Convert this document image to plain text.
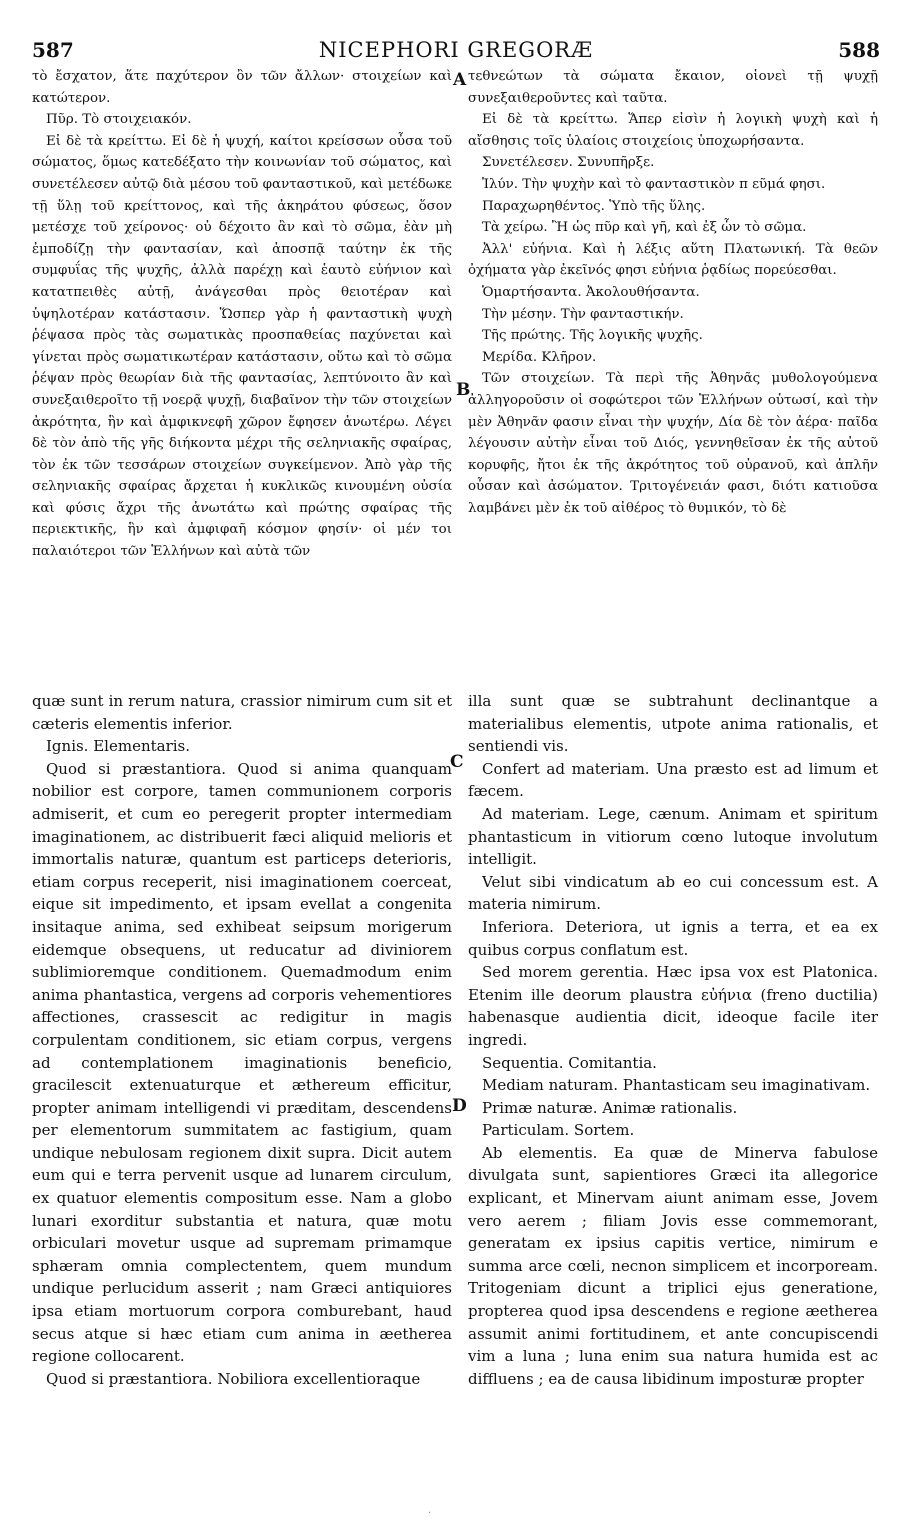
587	NICEPHORI GREGORÆ	588
A
B
C
D

τὸ ἔσχατον, ἅτε παχύτερον ὂν τῶν ἄλλων· στοιχείων καὶ κατώτερον.

Πῦρ. Τὸ στοιχειακόν.

Εἰ δὲ τὰ κρείττω. Εἰ δὲ ἡ ψυχή, καίτοι κρείσσων οὖσα τοῦ σώματος, ὅμως κατεδέξατο τὴν κοινωνίαν τοῦ σώματος, καὶ συνετέλεσεν αὐτῷ διὰ μέσου τοῦ φανταστικοῦ, καὶ μετέδωκε τῇ ὕλῃ τοῦ κρείττονος, καὶ τῆς ἀκηράτου φύσεως, ὅσον μετέσχε τοῦ χείρονος· οὐ δέχοιτο ἂν καὶ τὸ σῶμα, ἐὰν μὴ ἐμποδίζῃ τὴν φαντασίαν, καὶ ἀποσπᾷ ταύτην ἐκ τῆς συμφυΐας τῆς ψυχῆς, ἀλλὰ παρέχῃ καὶ ἑαυτὸ εὐήνιον καὶ κατατπειθὲς αὐτῇ, ἀνάγεσθαι πρὸς θειοτέραν καὶ ὑψηλοτέραν κατάστασιν. Ὥσπερ γὰρ ἡ φανταστικὴ ψυχὴ ῥέψασα πρὸς τὰς σωματικὰς προσπαθείας παχύνεται καὶ γίνεται πρὸς σωματικωτέραν κατάστασιν, οὕτω καὶ τὸ σῶμα ῥέψαν πρὸς θεωρίαν διὰ τῆς φαντασίας, λεπτύνοιτο ἂν καὶ συνεξαιθεροῖτο τῇ νοερᾷ ψυχῇ, διαβαῖνον τὴν τῶν στοιχείων ἀκρότητα, ἣν καὶ ἀμφικνεφῆ χῶρον ἔφησεν ἀνωτέρω. Λέγει δὲ τὸν ἀπὸ τῆς γῆς διήκοντα μέχρι τῆς σεληνιακῆς σφαίρας, τὸν ἐκ τῶν τεσσάρων στοιχείων συγκείμενον. Ἀπὸ γὰρ τῆς σεληνιακῆς σφαίρας ἄρχεται ἡ κυκλικῶς κινουμένη οὐσία καὶ φύσις ἄχρι τῆς ἀνωτάτω καὶ πρώτης σφαίρας τῆς περιεκτικῆς, ἣν καὶ ἀμφιφαῆ κόσμον φησίν· οἱ μέν τοι παλαιότεροι τῶν Ἑλλήνων καὶ αὐτὰ τῶν

τεθνεώτων τὰ σώματα ἔκαιον, οἱονεὶ τῇ ψυχῇ συνεξαιθεροῦντες καὶ ταῦτα.

Εἰ δὲ τὰ κρείττω. Ἅπερ εἰσὶν ἡ λογικὴ ψυχὴ καὶ ἡ αἴσθησις τοῖς ὑλαίοις στοιχείοις ὑποχωρήσαντα.

Συνετέλεσεν. Συνυπῆρξε.

Ἰλύν. Τὴν ψυχὴν καὶ τὸ φανταστικὸν π εῦμά φησι.

Παραχωρηθέντος. Ὑπὸ τῆς ὕλης.

Τὰ χείρω. Ἢ ὡς πῦρ καὶ γῆ, καὶ ἐξ ὧν τὸ σῶμα.

Ἀλλ' εὐήνια. Καὶ ἡ λέξις αὕτη Πλατωνική. Τὰ θεῶν ὀχήματα γὰρ ἐκεῖνός φησι εὐήνια ῥᾳδίως πορεύεσθαι.

Ὁμαρτήσαντα. Ἀκολουθήσαντα.

Τὴν μέσην. Τὴν φανταστικήν.

Τῆς πρώτης. Τῆς λογικῆς ψυχῆς.

Μερίδα. Κλῆρον.

Τῶν στοιχείων. Τὰ περὶ τῆς Ἀθηνᾶς μυθολογούμενα ἀλληγοροῦσιν οἱ σοφώτεροι τῶν Ἑλλήνων οὑτωσί, καὶ τὴν μὲν Ἀθηνᾶν φασιν εἶναι τὴν ψυχήν, Δία δὲ τὸν ἀέρα· παῖδα λέγουσιν αὐτὴν εἶναι τοῦ Διός, γεννηθεῖσαν ἐκ τῆς αὐτοῦ κορυφῆς, ἤτοι ἐκ τῆς ἀκρότητος τοῦ οὐρανοῦ, καὶ ἁπλῆν οὖσαν καὶ ἀσώματον. Τριτογένειάν φασι, διότι κατιοῦσα λαμβάνει μὲν ἐκ τοῦ αἰθέρος τὸ θυμικόν, τὸ δὲ

quæ sunt in rerum natura, crassior nimirum cum sit et cæteris elementis inferior.

Ignis. Elementaris.

Quod si præstantiora. Quod si anima quanquam nobilior est corpore, tamen communionem corporis admiserit, et cum eo peregerit propter intermediam imaginationem, ac distribuerit fæci aliquid melioris et immortalis naturæ, quantum est particeps deterioris, etiam corpus receperit, nisi imaginationem coerceat, eique sit impedimento, et ipsam evellat a congenita insitaque anima, sed exhibeat seipsum morigerum eidemque obsequens, ut reducatur ad diviniorem sublimioremque conditionem. Quemadmodum enim anima phantastica, vergens ad corporis vehementiores affectiones, crassescit ac redigitur in magis corpulentam conditionem, sic etiam corpus, vergens ad contemplationem imaginationis beneficio, gracilescit extenuaturque et æthereum efficitur, propter animam intelligendi vi præditam, descendens per elementorum summitatem ac fastigium, quam undique nebulosam regionem dixit supra. Dicit autem eum qui e terra pervenit usque ad lunarem circulum, ex quatuor elementis compositum esse. Nam a globo lunari exorditur substantia et natura, quæ motu orbiculari movetur usque ad supremam primamque sphæram omnia complectentem, quem mundum undique perlucidum asserit ; nam Græci antiquiores ipsa etiam mortuorum corpora comburebant, haud secus atque si hæc etiam cum anima in æetherea regione collocarent.

Quod si præstantiora. Nobiliora excellentioraque

illa sunt quæ se subtrahunt declinantque a materialibus elementis, utpote anima rationalis, et sentiendi vis.

Confert ad materiam. Una præsto est ad limum et fæcem.

Ad materiam. Lege, cænum. Animam et spiritum phantasticum in vitiorum cœno lutoque involutum intelligit.

Velut sibi vindicatum ab eo cui concessum est. A materia nimirum.

Inferiora. Deteriora, ut ignis a terra, et ea ex quibus corpus conflatum est.

Sed morem gerentia. Hæc ipsa vox est Platonica. Etenim ille deorum plaustra εὐήνια (freno ductilia) habenasque audientia dicit, ideoque facile iter ingredi.

Sequentia. Comitantia.

Mediam naturam. Phantasticam seu imaginativam.

Primæ naturæ. Animæ rationalis.

Particulam. Sortem.

Ab elementis. Ea quæ de Minerva fabulose divulgata sunt, sapientiores Græci ita allegorice explicant, et Minervam aiunt animam esse, Jovem vero aerem ; filiam Jovis esse commemorant, generatam ex ipsius capitis vertice, nimirum e summa arce cœli, necnon simplicem et incorpoream. Tritogeniam dicunt a triplici ejus generatione, propterea quod ipsa descendens e regione æetherea assumit animi fortitudinem, et ante concupiscendi vim a luna ; luna enim sua natura humida est ac diffluens ; ea de causa libidinum imposturæ propter

·
